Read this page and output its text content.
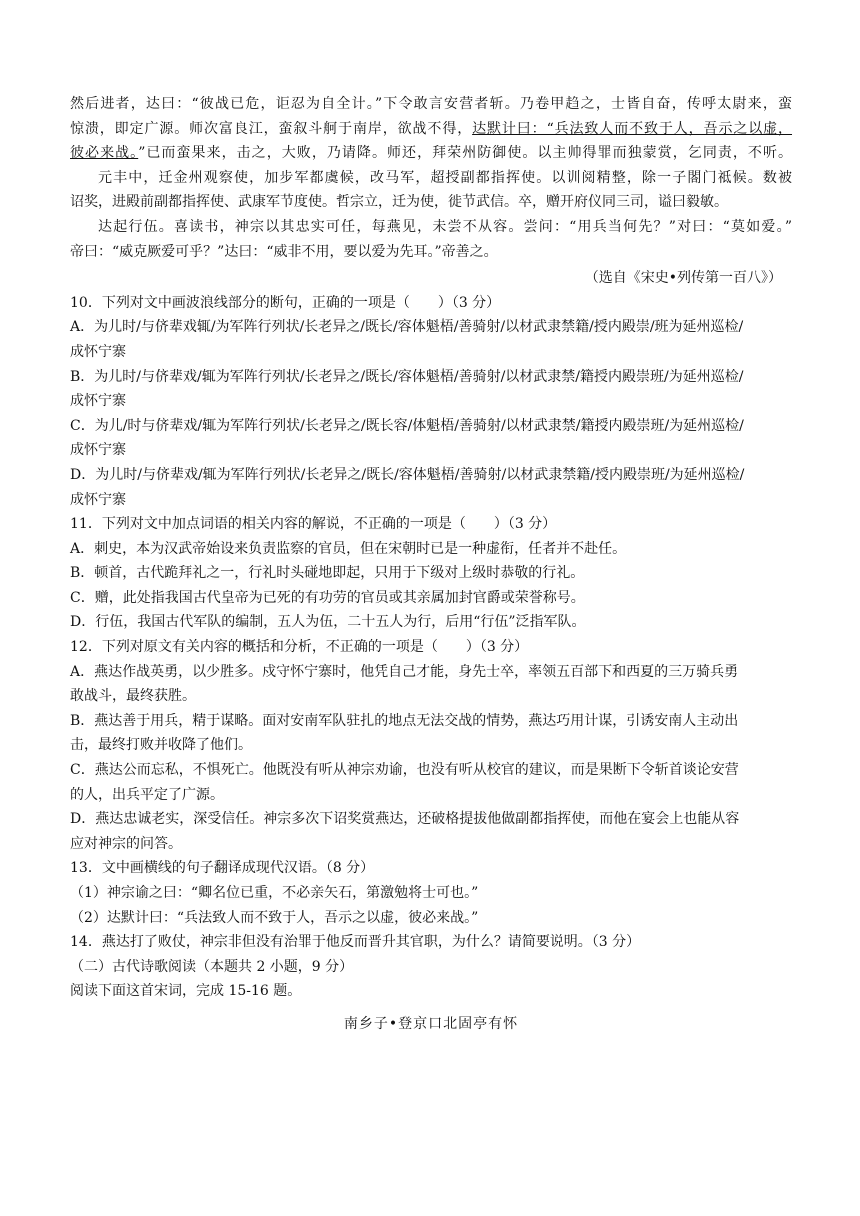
然后进者，达曰：“彼战已危，讵忍为自全计。”下令敢言安营者斩。乃卷甲趋之，士皆自奋，传呼太尉来，蛮
惊溃，即定广源。师次富良江，蛮叙斗舸于南岸，欲战不得，达默计曰：“兵法致人而不致于人，吾示之以虚，
彼必来战。”已而蛮果来，击之，大败，乃请降。师还，拜荣州防御使。以主帅得罪而独蒙赏，乞同责，不听。
元丰中，迁金州观察使，加步军都虞候，改马军，超授副都指挥使。以训阅精整，除一子閤门祗候。数被
诏奖，进殿前副都指挥使、武康军节度使。哲宗立，迁为使，徙节武信。卒，赠开府仪同三司，谥曰毅敏。
达起行伍。喜读书，神宗以其忠实可任，每燕见，未尝不从容。尝问：“用兵当何先？”对曰：“莫如爱。”
帝曰：“威克厥爱可乎？”达曰：“威非不用，要以爱为先耳。”帝善之。
（选自《宋史•列传第一百八》）
10．下列对文中画波浪线部分的断句，正确的一项是（　　）（3 分）
A．为儿时/与侪辈戏辄/为军阵行列状/长老异之/既长/容体魁梧/善骑射/以材武隶禁籍/授内殿崇/班为延州巡检/
成怀宁寨
B．为儿时/与侪辈戏/辄为军阵行列状/长老异之/既长/容体魁梧/善骑射/以材武隶禁/籍授内殿崇班/为延州巡检/
成怀宁寨
C．为儿/时与侪辈戏/辄为军阵行列状/长老异之/既长容/体魁梧/善骑射/以材武隶禁/籍授内殿崇班/为延州巡检/
成怀宁寨
D．为儿时/与侪辈戏/辄为军阵行列状/长老异之/既长/容体魁梧/善骑射/以材武隶禁籍/授内殿崇班/为延州巡检/
成怀宁寨
11．下列对文中加点词语的相关内容的解说，不正确的一项是（　　）（3 分）
A．刺史，本为汉武帝始设来负责监察的官员，但在宋朝时已是一种虚衔，任者并不赴任。
B．顿首，古代跪拜礼之一，行礼时头碰地即起，只用于下级对上级时恭敬的行礼。
C．赠，此处指我国古代皇帝为已死的有功劳的官员或其亲属加封官爵或荣誉称号。
D．行伍，我国古代军队的编制，五人为伍，二十五人为行，后用“行伍”泛指军队。
12．下列对原文有关内容的概括和分析，不正确的一项是（　　）（3 分）
A．燕达作战英勇，以少胜多。戍守怀宁寨时，他凭自己才能，身先士卒，率领五百部下和西夏的三万骑兵勇
敢战斗，最终获胜。
B．燕达善于用兵，精于谋略。面对安南军队驻扎的地点无法交战的情势，燕达巧用计谋，引诱安南人主动出
击，最终打败并收降了他们。
C．燕达公而忘私，不惧死亡。他既没有听从神宗劝谕，也没有听从校官的建议，而是果断下令斩首谈论安营
的人，出兵平定了广源。
D．燕达忠诚老实，深受信任。神宗多次下诏奖赏燕达，还破格提拔他做副都指挥使，而他在宴会上也能从容
应对神宗的问答。
13．文中画横线的句子翻译成现代汉语。（8 分）
（1）神宗谕之曰：“卿名位已重，不必亲矢石，第激勉将士可也。”
（2）达默计曰：“兵法致人而不致于人，吾示之以虚，彼必来战。”
14．燕达打了败仗，神宗非但没有治罪于他反而晋升其官职，为什么？请简要说明。（3 分）
（二）古代诗歌阅读（本题共 2 小题，9 分）
阅读下面这首宋词，完成 15-16 题。
南乡子•登京口北固亭有怀
